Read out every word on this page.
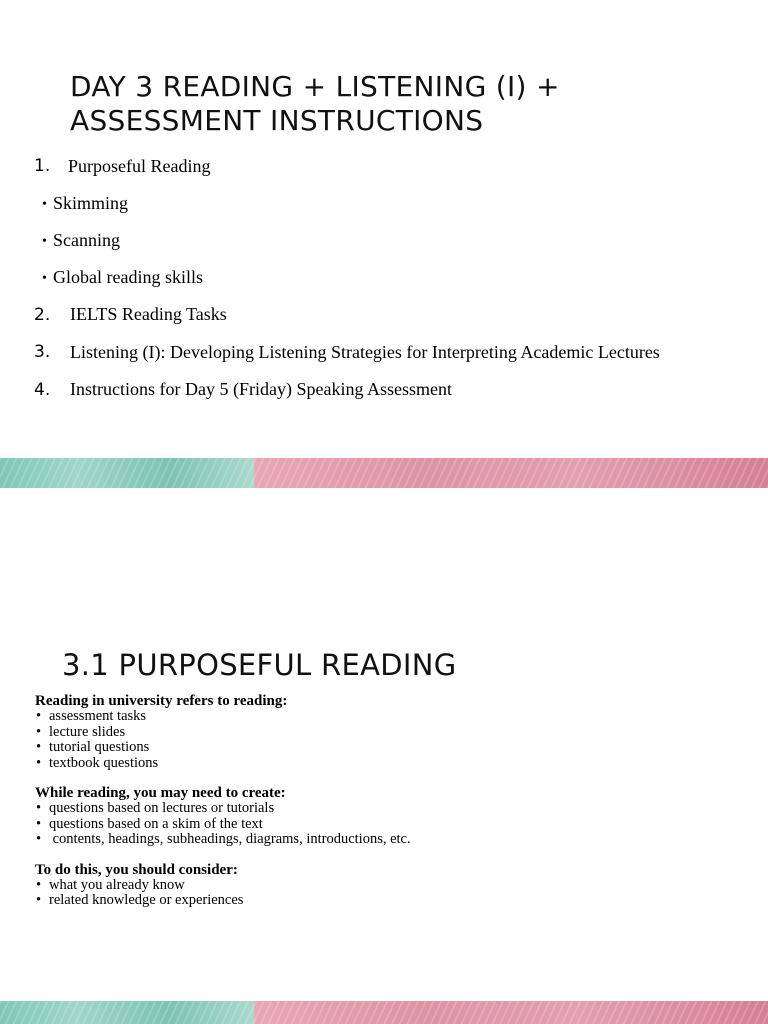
DAY 3 READING + LISTENING (I) +
ASSESSMENT INSTRUCTIONS
1. Purposeful Reading
• Skimming
• Scanning
• Global reading skills
2. IELTS Reading Tasks
3. Listening (I): Developing Listening Strategies for Interpreting Academic Lectures
4. Instructions for Day 5 (Friday) Speaking Assessment
3.1 PURPOSEFUL READING
Reading in university refers to reading:
• assessment tasks
• lecture slides
• tutorial questions
• textbook questions
While reading, you may need to create:
• questions based on lectures or tutorials
• questions based on a skim of the text
•  contents, headings, subheadings, diagrams, introductions, etc.
To do this, you should consider:
• what you already know
• related knowledge or experiences
